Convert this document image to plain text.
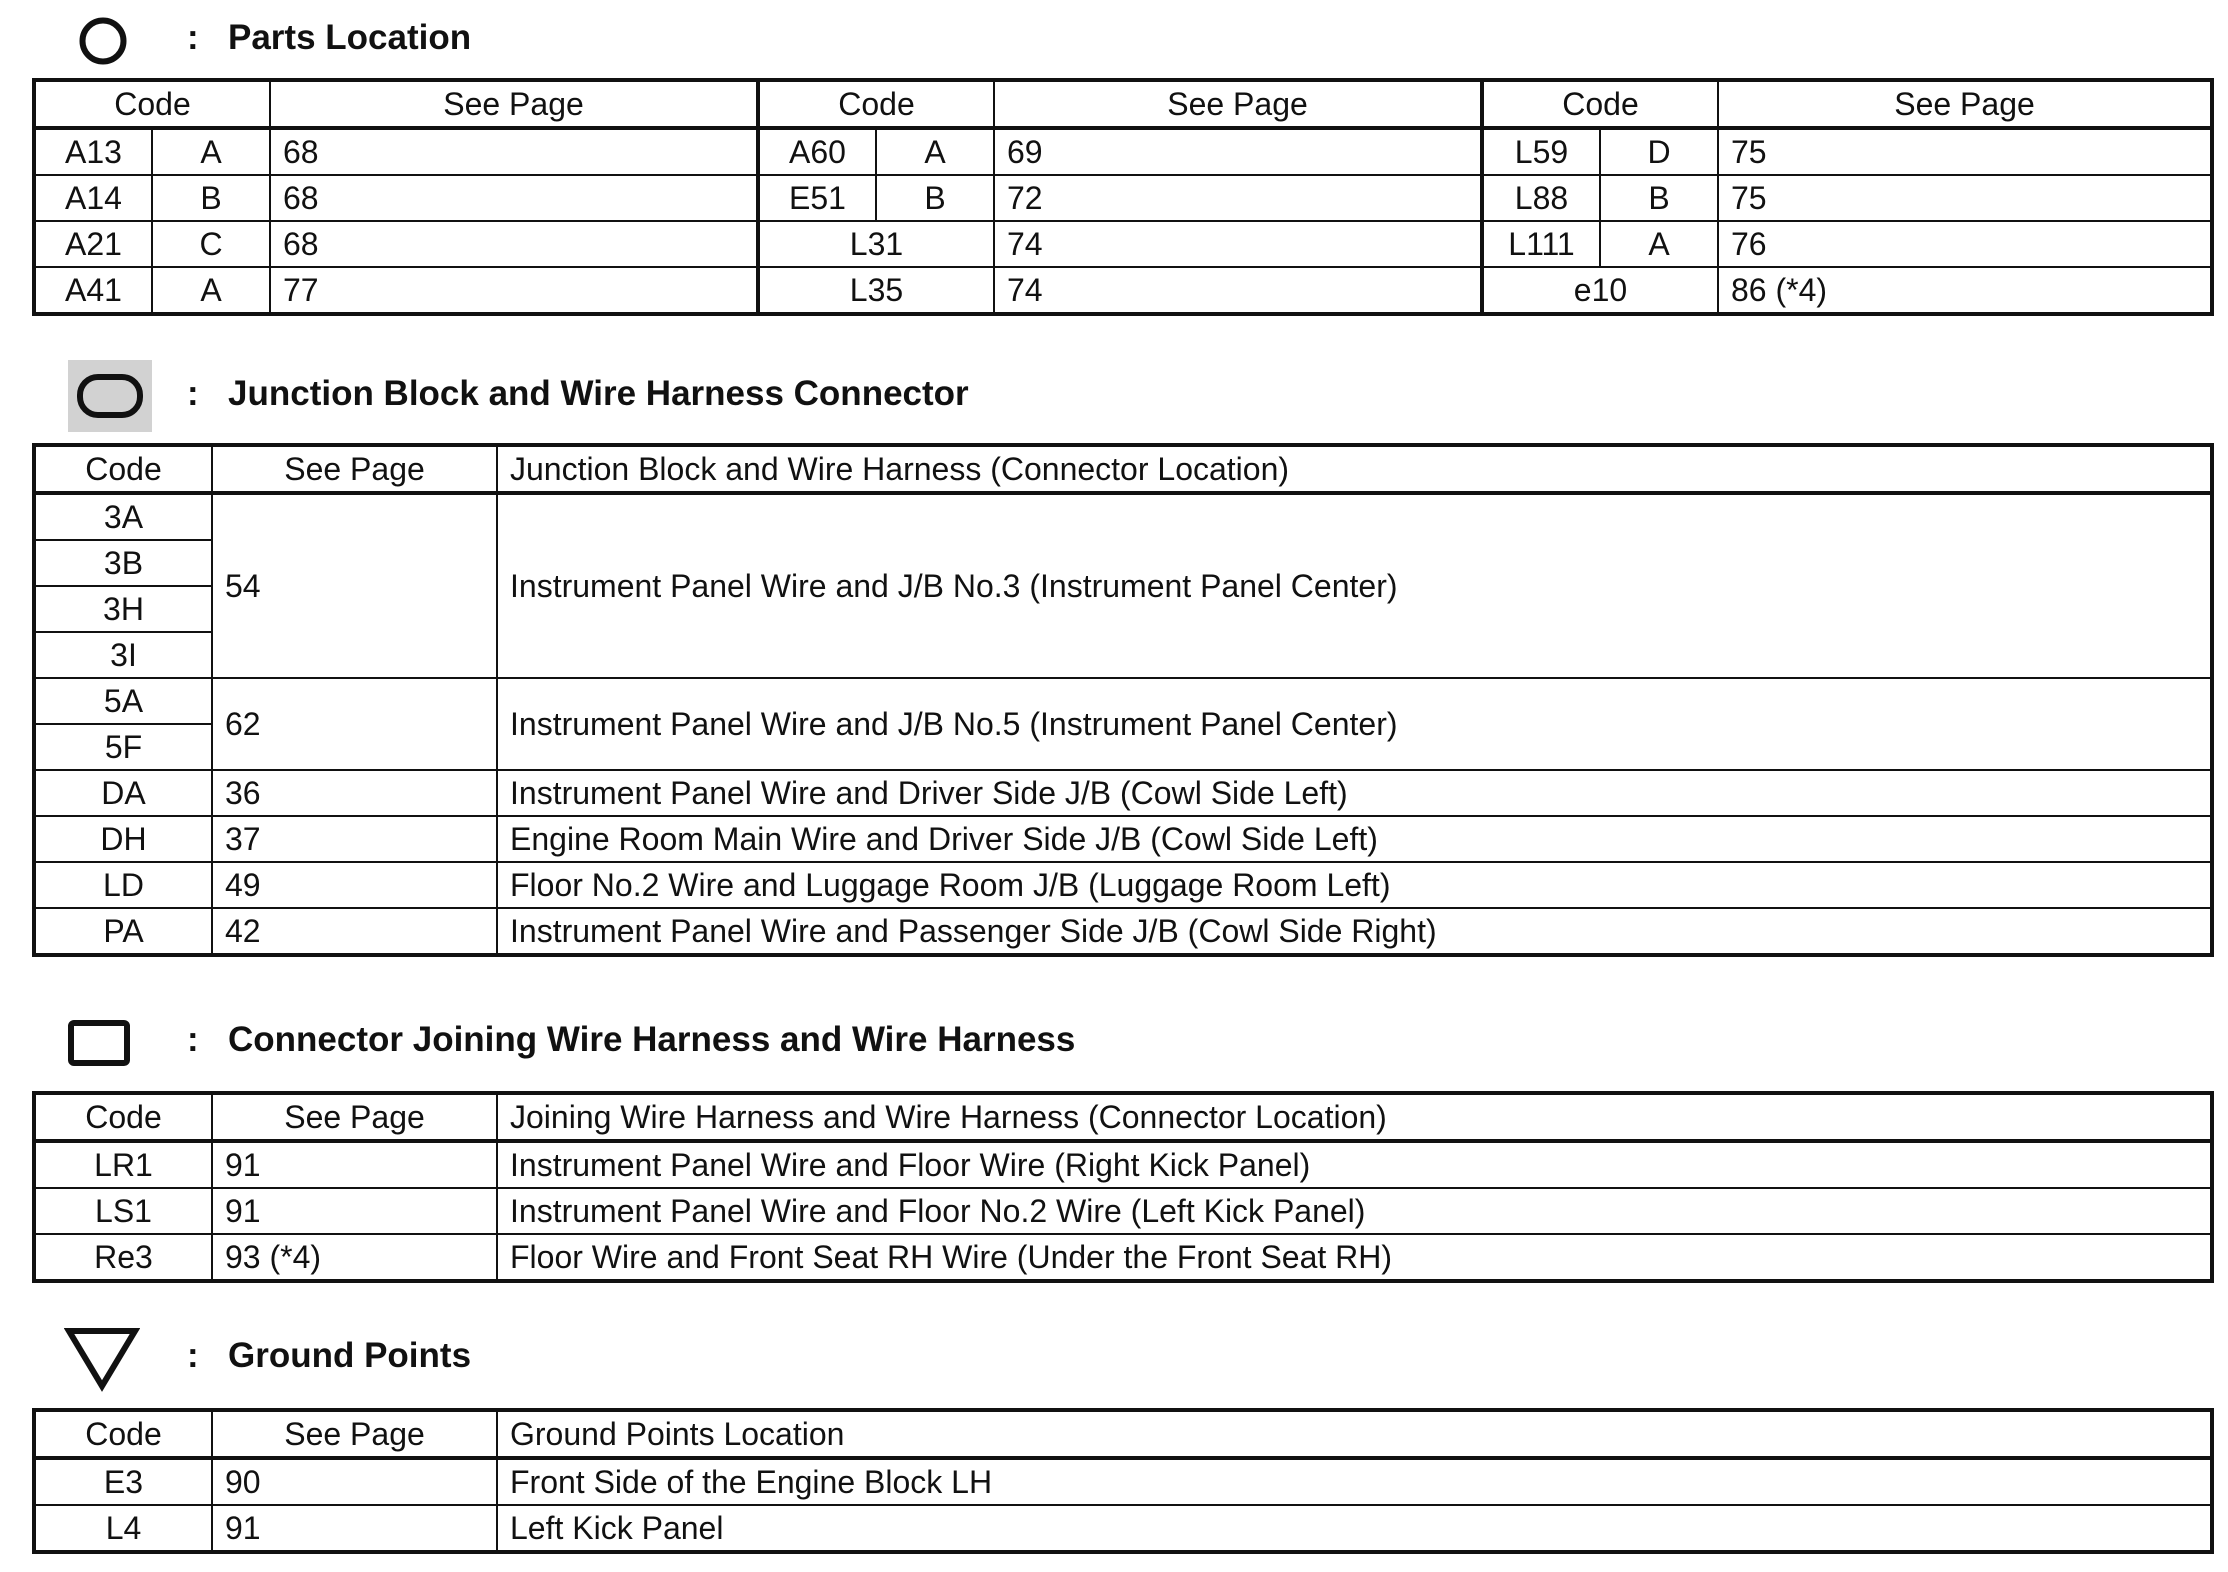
: Parts Location
Code		See Page	Code		See Page	Code		See Page
A13	A	68	A60	A	69	L59	D	75
A14	B	68	E51	B	72	L88	B	75
A21	C	68	L31		74	L111	A	76
A41	A	77	L35		74	e10		86 (*4)
: Junction Block and Wire Harness Connector
Code	See Page	Junction Block and Wire Harness (Connector Location)
3A	54	Instrument Panel Wire and J/B No.3 (Instrument Panel Center)
3B		
3H		
3I		
5A	62	Instrument Panel Wire and J/B No.5 (Instrument Panel Center)
5F		
DA	36	Instrument Panel Wire and Driver Side J/B (Cowl Side Left)
DH	37	Engine Room Main Wire and Driver Side J/B (Cowl Side Left)
LD	49	Floor No.2 Wire and Luggage Room J/B (Luggage Room Left)
PA	42	Instrument Panel Wire and Passenger Side J/B (Cowl Side Right)
: Connector Joining Wire Harness and Wire Harness
Code	See Page	Joining Wire Harness and Wire Harness (Connector Location)
LR1	91	Instrument Panel Wire and Floor Wire (Right Kick Panel)
LS1	91	Instrument Panel Wire and Floor No.2 Wire (Left Kick Panel)
Re3	93 (*4)	Floor Wire and Front Seat RH Wire (Under the Front Seat RH)
: Ground Points
Code	See Page	Ground Points Location
E3	90	Front Side of the Engine Block LH
L4	91	Left Kick Panel
